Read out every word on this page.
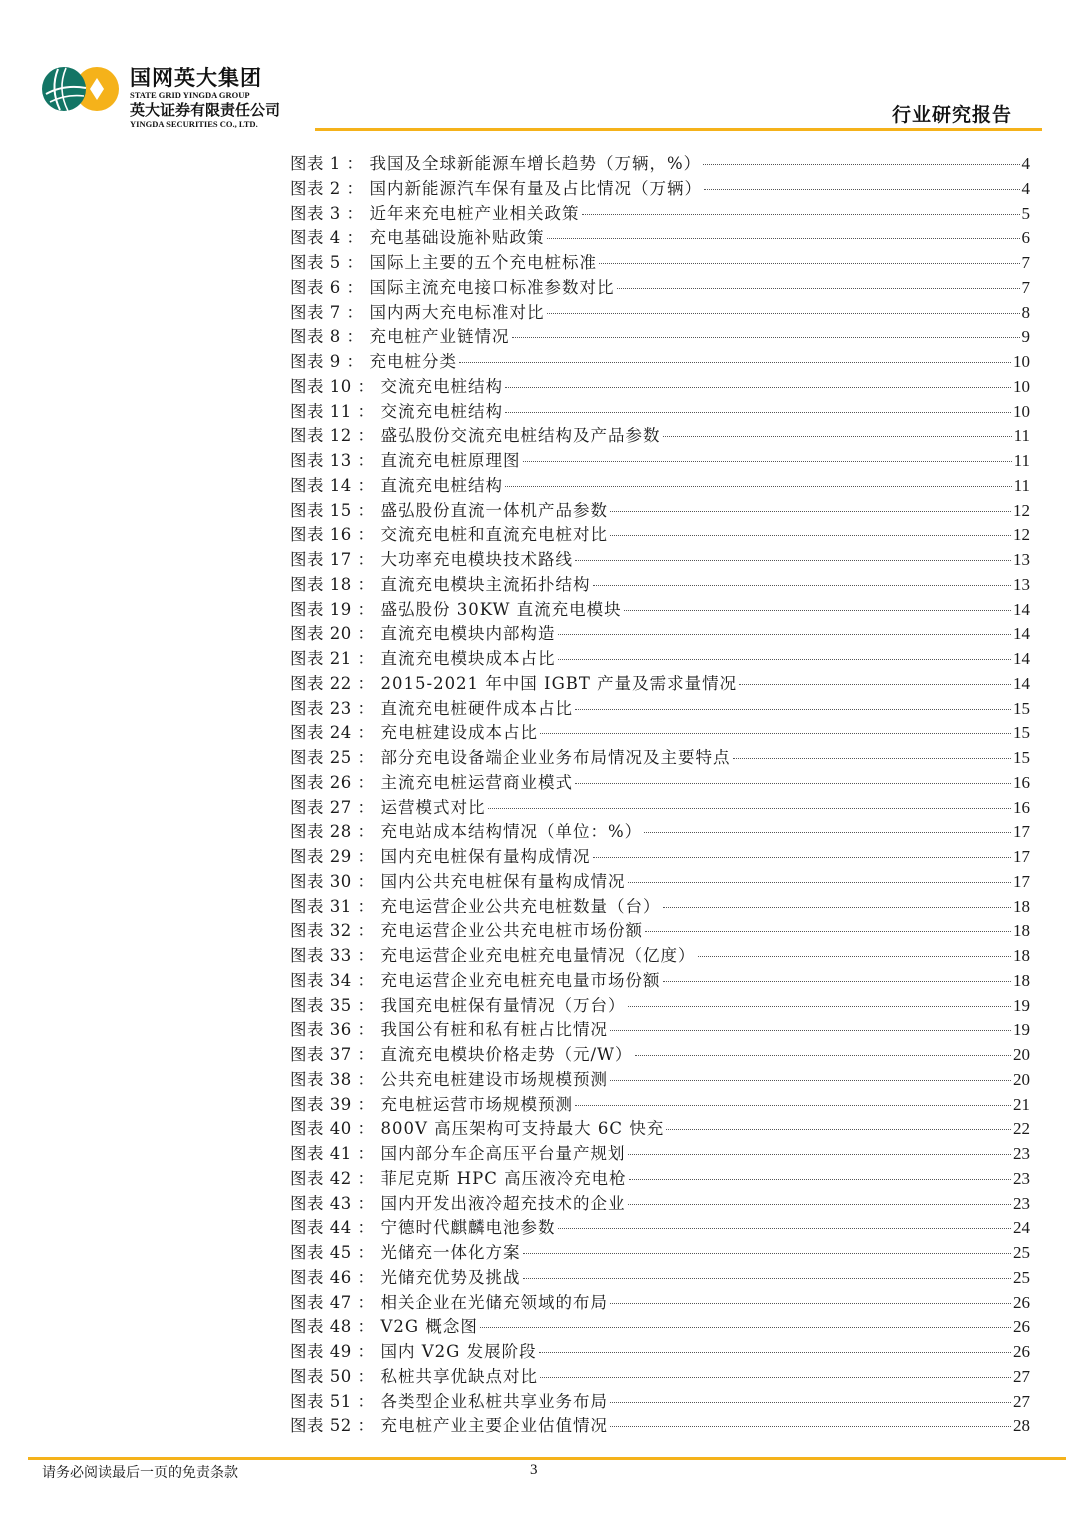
国网英大集团
STATE GRID YINGDA GROUP
英大证券有限责任公司
YINGDA SECURITIES CO., LTD.	行业研究报告
图表 1 ： 我国及全球新能源车增长趋势（万辆，%）	4
图表 2 ： 国内新能源汽车保有量及占比情况（万辆）	4
图表 3 ： 近年来充电桩产业相关政策	5
图表 4 ： 充电基础设施补贴政策	6
图表 5 ： 国际上主要的五个充电桩标准	7
图表 6 ： 国际主流充电接口标准参数对比	7
图表 7 ： 国内两大充电标准对比	8
图表 8 ： 充电桩产业链情况	9
图表 9 ： 充电桩分类	10
图表 10 ： 交流充电桩结构	10
图表 11 ： 交流充电桩结构	10
图表 12 ： 盛弘股份交流充电桩结构及产品参数	11
图表 13 ： 直流充电桩原理图	11
图表 14 ： 直流充电桩结构	11
图表 15 ： 盛弘股份直流一体机产品参数	12
图表 16 ： 交流充电桩和直流充电桩对比	12
图表 17 ： 大功率充电模块技术路线	13
图表 18 ： 直流充电模块主流拓扑结构	13
图表 19 ： 盛弘股份 30KW 直流充电模块	14
图表 20 ： 直流充电模块内部构造	14
图表 21 ： 直流充电模块成本占比	14
图表 22 ： 2015-2021 年中国 IGBT 产量及需求量情况	14
图表 23 ： 直流充电桩硬件成本占比	15
图表 24 ： 充电桩建设成本占比	15
图表 25 ： 部分充电设备端企业业务布局情况及主要特点	15
图表 26 ： 主流充电桩运营商业模式	16
图表 27 ： 运营模式对比	16
图表 28 ： 充电站成本结构情况（单位：%）	17
图表 29 ： 国内充电桩保有量构成情况	17
图表 30 ： 国内公共充电桩保有量构成情况	17
图表 31 ： 充电运营企业公共充电桩数量（台）	18
图表 32 ： 充电运营企业公共充电桩市场份额	18
图表 33 ： 充电运营企业充电桩充电量情况（亿度）	18
图表 34 ： 充电运营企业充电桩充电量市场份额	18
图表 35 ： 我国充电桩保有量情况（万台）	19
图表 36 ： 我国公有桩和私有桩占比情况	19
图表 37 ： 直流充电模块价格走势（元/W）	20
图表 38 ： 公共充电桩建设市场规模预测	20
图表 39 ： 充电桩运营市场规模预测	21
图表 40 ： 800V 高压架构可支持最大 6C 快充	22
图表 41 ： 国内部分车企高压平台量产规划	23
图表 42 ： 菲尼克斯 HPC 高压液冷充电枪	23
图表 43 ： 国内开发出液冷超充技术的企业	23
图表 44 ： 宁德时代麒麟电池参数	24
图表 45 ： 光储充一体化方案	25
图表 46 ： 光储充优势及挑战	25
图表 47 ： 相关企业在光储充领域的布局	26
图表 48 ： V2G 概念图	26
图表 49 ： 国内 V2G 发展阶段	26
图表 50 ： 私桩共享优缺点对比	27
图表 51 ： 各类型企业私桩共享业务布局	27
图表 52 ： 充电桩产业主要企业估值情况	28
请务必阅读最后一页的免责条款	3
